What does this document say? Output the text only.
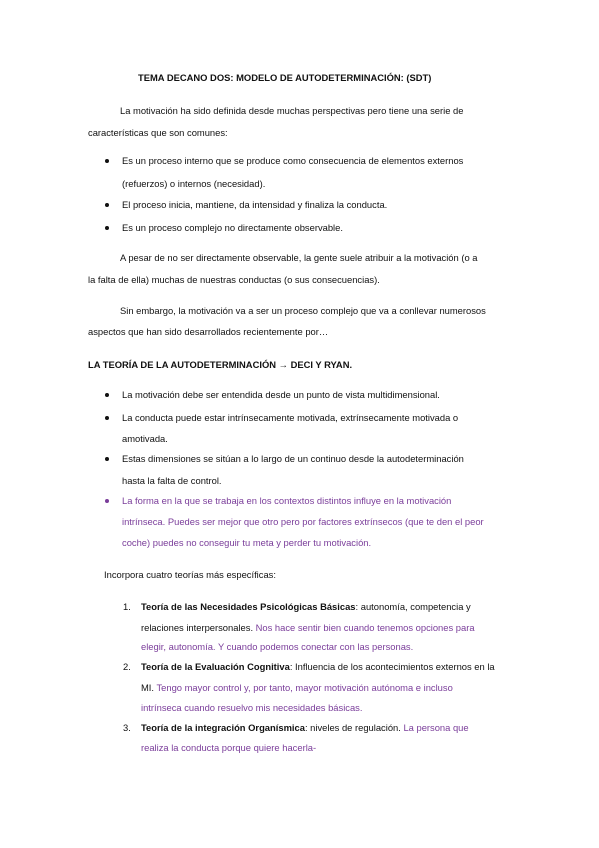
TEMA DECANO DOS: MODELO DE AUTODETERMINACIÓN: (SDT)
La motivación ha sido definida desde muchas perspectivas pero tiene una serie de
características que son comunes:
Es un proceso interno que se produce como consecuencia de elementos externos
(refuerzos) o internos (necesidad).
El proceso inicia, mantiene, da intensidad y finaliza la conducta.
Es un proceso complejo no directamente observable.
A pesar de no ser directamente observable, la gente suele atribuir a la motivación (o a
la falta de ella) muchas de nuestras conductas (o sus consecuencias).
Sin embargo, la motivación va a ser un proceso complejo que va a conllevar numerosos
aspectos que han sido desarrollados recientemente por…
LA TEORÍA DE LA AUTODETERMINACIÓN → DECI Y RYAN.
La motivación debe ser entendida desde un punto de vista multidimensional.
La conducta puede estar intrínsecamente motivada, extrínsecamente motivada o
amotivada.
Estas dimensiones se sitúan a lo largo de un continuo desde la autodeterminación
hasta la falta de control.
La forma en la que se trabaja en los contextos distintos influye en la motivación
intrínseca. Puedes ser mejor que otro pero por factores extrínsecos (que te den el peor
coche) puedes no conseguir tu meta y perder tu motivación.
Incorpora cuatro teorías más específicas:
1. Teoría de las Necesidades Psicológicas Básicas: autonomía, competencia y
relaciones interpersonales. Nos hace sentir bien cuando tenemos opciones para
elegir, autonomía. Y cuando podemos conectar con las personas.
2. Teoría de la Evaluación Cognitiva: Influencia de los acontecimientos externos en la
MI. Tengo mayor control y, por tanto, mayor motivación autónoma e incluso
intrínseca cuando resuelvo mis necesidades básicas.
3. Teoría de la integración Organísmica: niveles de regulación. La persona que
realiza la conducta porque quiere hacerla-
